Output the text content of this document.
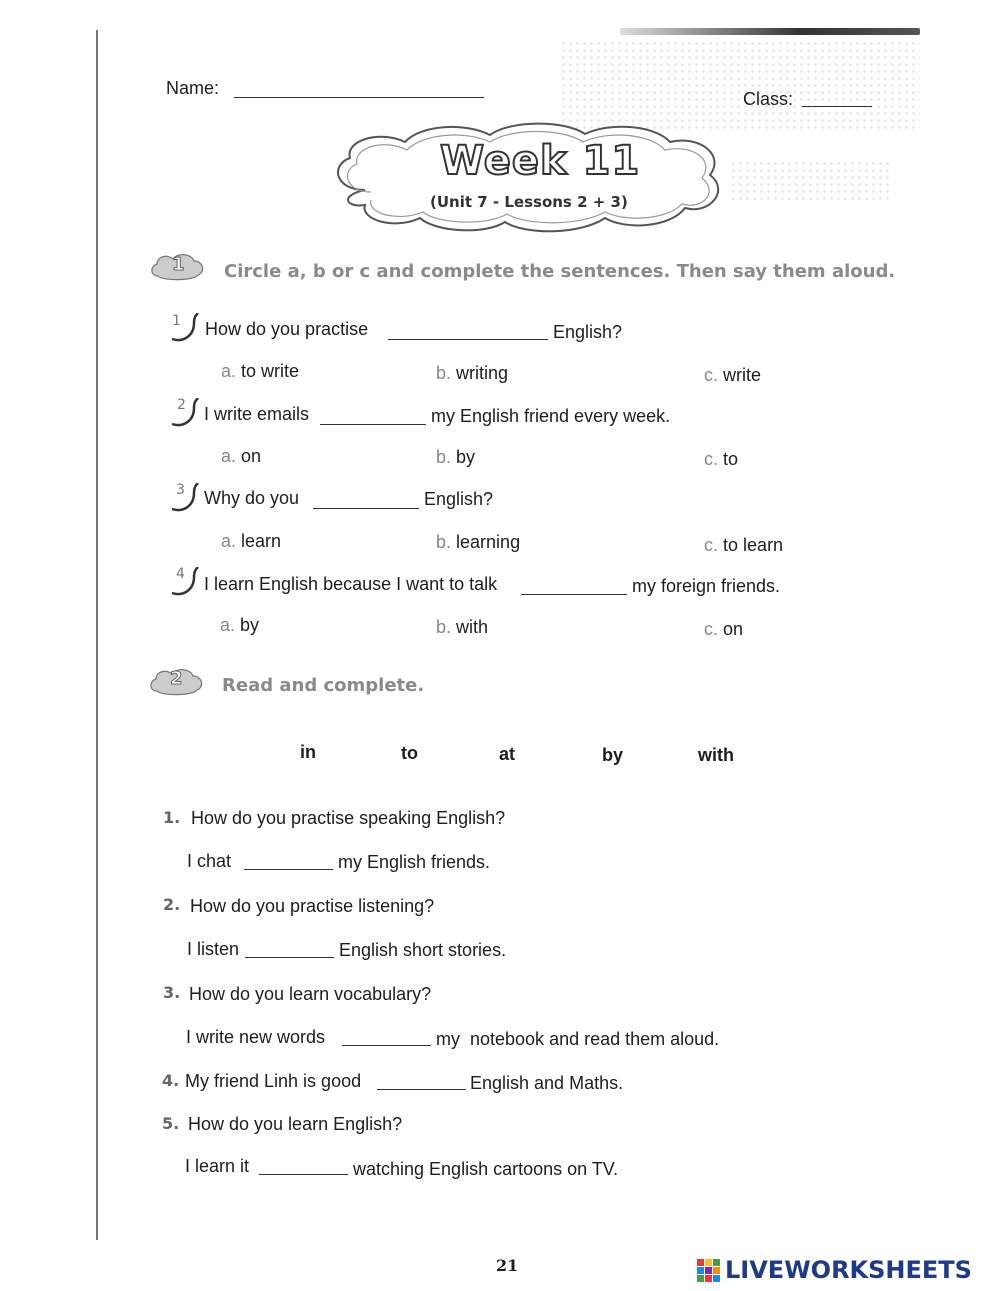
Name:
Class:
Week 11
(Unit 7 - Lessons 2 + 3)
1 Circle a, b or c and complete the sentences. Then say them aloud.
1 How do you practise	English?
a. to write	b. writing	c. write
2 I write emails	my English friend every week.
a. on	b. by	c. to
3 Why do you	English?
a. learn	b. learning	c. to learn
4 I learn English because I want to talk	my foreign friends.
a. by	b. with	c. on
2 Read and complete.
in	to	at	by	with
1. How do you practise speaking English?
I chat	my English friends.
2. How do you practise listening?
I listen	English short stories.
3. How do you learn vocabulary?
I write new words	my  notebook and read them aloud.
4. My friend Linh is good	English and Maths.
5. How do you learn English?
I learn it	watching English cartoons on TV.
21	LIVEWORKSHEETS
